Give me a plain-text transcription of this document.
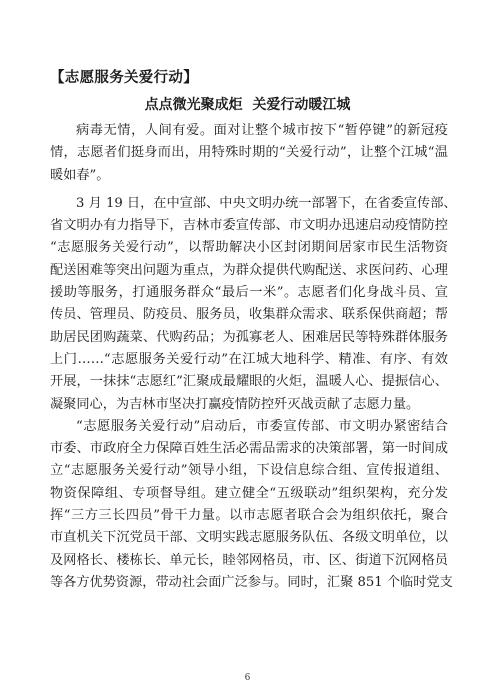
【志愿服务关爱行动】
点点微光聚成炬  关爱行动暖江城
病毒无情，人间有爱。面对让整个城市按下“暂停键”的新冠疫
情，志愿者们挺身而出，用特殊时期的“关爱行动”，让整个江城“温
暖如春”。
3 月 19 日，在中宣部、中央文明办统一部署下，在省委宣传部、
省文明办有力指导下，吉林市委宣传部、市文明办迅速启动疫情防控
“志愿服务关爱行动”，以帮助解决小区封闭期间居家市民生活物资
配送困难等突出问题为重点，为群众提供代购配送、求医问药、心理
援助等服务，打通服务群众“最后一米”。志愿者们化身战斗员、宣
传员、管理员、防疫员、服务员，收集群众需求、联系保供商超；帮
助居民团购蔬菜、代购药品；为孤寡老人、困难居民等特殊群体服务
上门……“志愿服务关爱行动”在江城大地科学、精准、有序、有效
开展，一抹抹“志愿红”汇聚成最耀眼的火炬，温暖人心、提振信心、
凝聚同心，为吉林市坚决打赢疫情防控歼灭战贡献了志愿力量。
“志愿服务关爱行动”启动后，市委宣传部、市文明办紧密结合
市委、市政府全力保障百姓生活必需品需求的决策部署，第一时间成
立“志愿服务关爱行动”领导小组，下设信息综合组、宣传报道组、
物资保障组、专项督导组。建立健全“五级联动”组织架构，充分发
挥“三方三长四员”骨干力量。以市志愿者联合会为组织依托，聚合
市直机关下沉党员干部、文明实践志愿服务队伍、各级文明单位，以
及网格长、楼栋长、单元长，睦邻网格员，市、区、街道下沉网格员
等各方优势资源，带动社会面广泛参与。同时，汇聚 851 个临时党支
6
